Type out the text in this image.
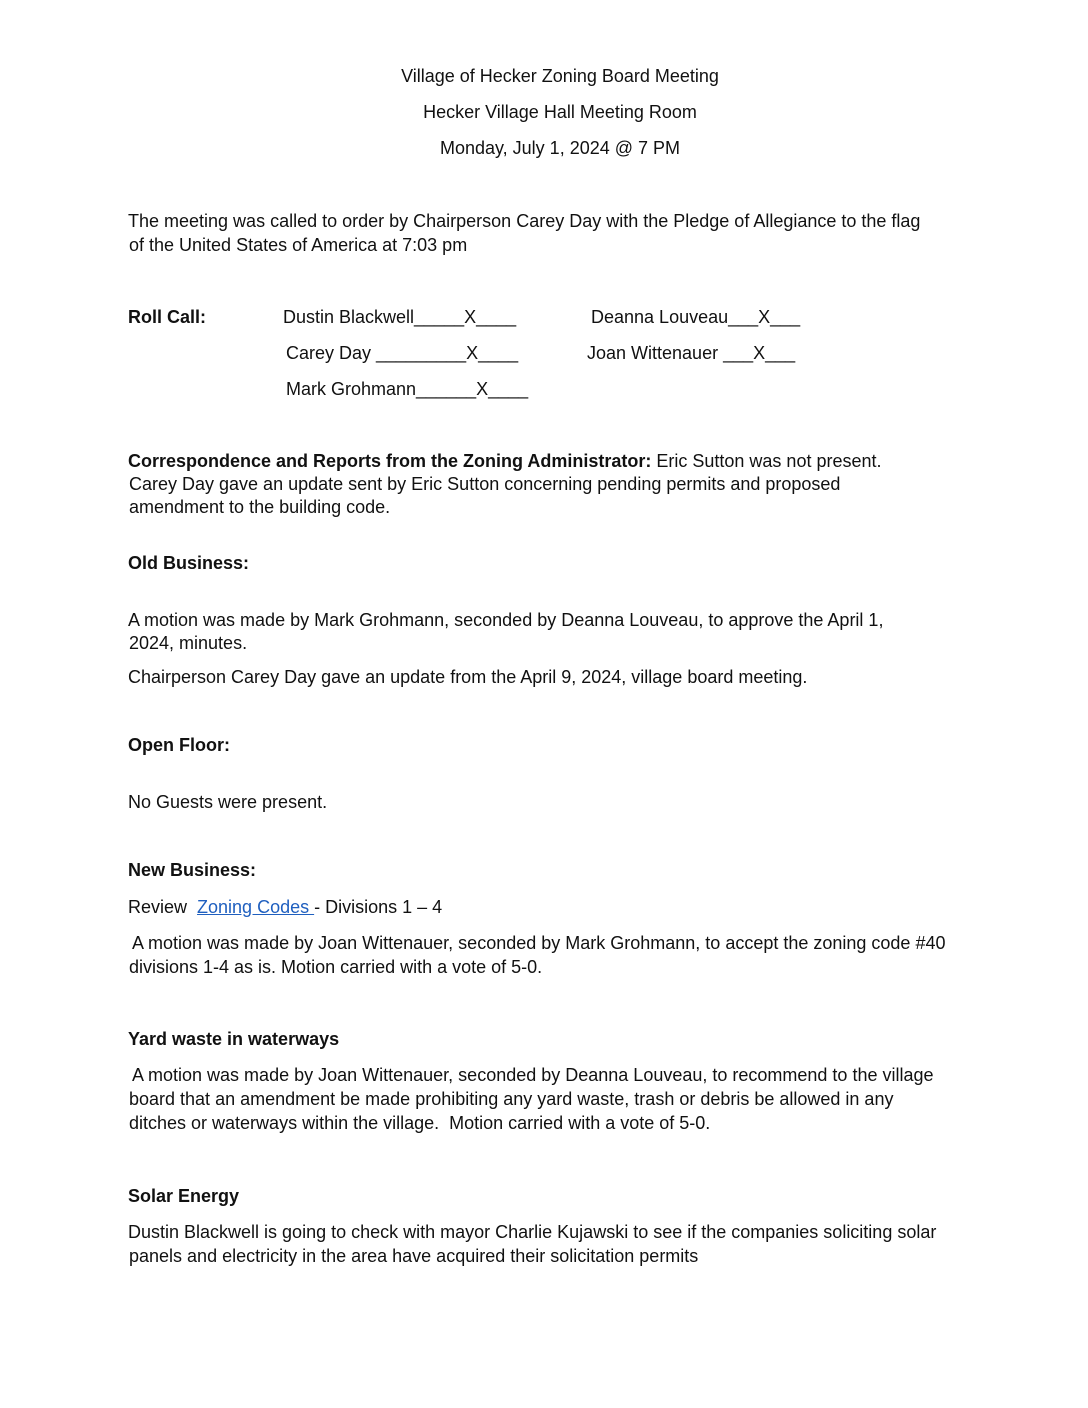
Village of Hecker Zoning Board Meeting
Hecker Village Hall Meeting Room
Monday, July 1, 2024 @ 7 PM
The meeting was called to order by Chairperson Carey Day with the Pledge of Allegiance to the flag
of the United States of America at 7:03 pm
Roll Call:	Dustin Blackwell_____X____	Deanna Louveau___X___
Carey Day _________X____	Joan Wittenauer ___X___
Mark Grohmann______X____
Correspondence and Reports from the Zoning Administrator: Eric Sutton was not present.
Carey Day gave an update sent by Eric Sutton concerning pending permits and proposed
amendment to the building code.
Old Business:
A motion was made by Mark Grohmann, seconded by Deanna Louveau, to approve the April 1,
2024, minutes.
Chairperson Carey Day gave an update from the April 9, 2024, village board meeting.
Open Floor:
No Guests were present.
New Business:
Review  Zoning Codes - Divisions 1 – 4
A motion was made by Joan Wittenauer, seconded by Mark Grohmann, to accept the zoning code #40
divisions 1-4 as is. Motion carried with a vote of 5-0.
Yard waste in waterways
A motion was made by Joan Wittenauer, seconded by Deanna Louveau, to recommend to the village
board that an amendment be made prohibiting any yard waste, trash or debris be allowed in any
ditches or waterways within the village.  Motion carried with a vote of 5-0.
Solar Energy
Dustin Blackwell is going to check with mayor Charlie Kujawski to see if the companies soliciting solar
panels and electricity in the area have acquired their solicitation permits
